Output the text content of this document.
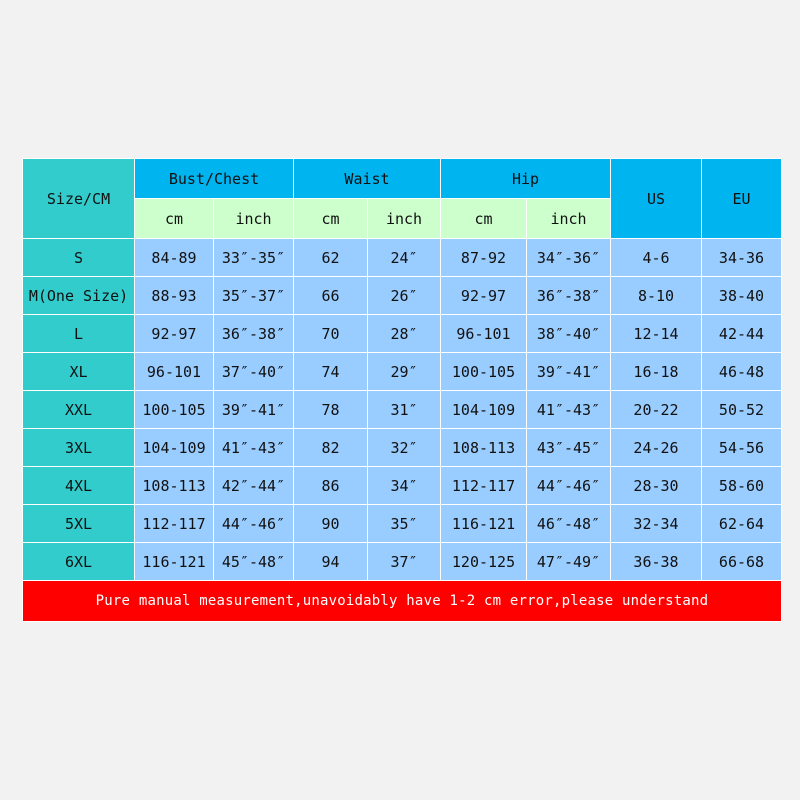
Size/CM	Bust/Chest		Waist		Hip		US	EU
	cm	inch	cm	inch	cm	inch		
S	84-89	33″-35″	62	24″	87-92	34″-36″	4-6	34-36
M(One Size)	88-93	35″-37″	66	26″	92-97	36″-38″	8-10	38-40
L	92-97	36″-38″	70	28″	96-101	38″-40″	12-14	42-44
XL	96-101	37″-40″	74	29″	100-105	39″-41″	16-18	46-48
XXL	100-105	39″-41″	78	31″	104-109	41″-43″	20-22	50-52
3XL	104-109	41″-43″	82	32″	108-113	43″-45″	24-26	54-56
4XL	108-113	42″-44″	86	34″	112-117	44″-46″	28-30	58-60
5XL	112-117	44″-46″	90	35″	116-121	46″-48″	32-34	62-64
6XL	116-121	45″-48″	94	37″	120-125	47″-49″	36-38	66-68
Pure manual measurement,unavoidably have 1-2 cm error,please understand								
